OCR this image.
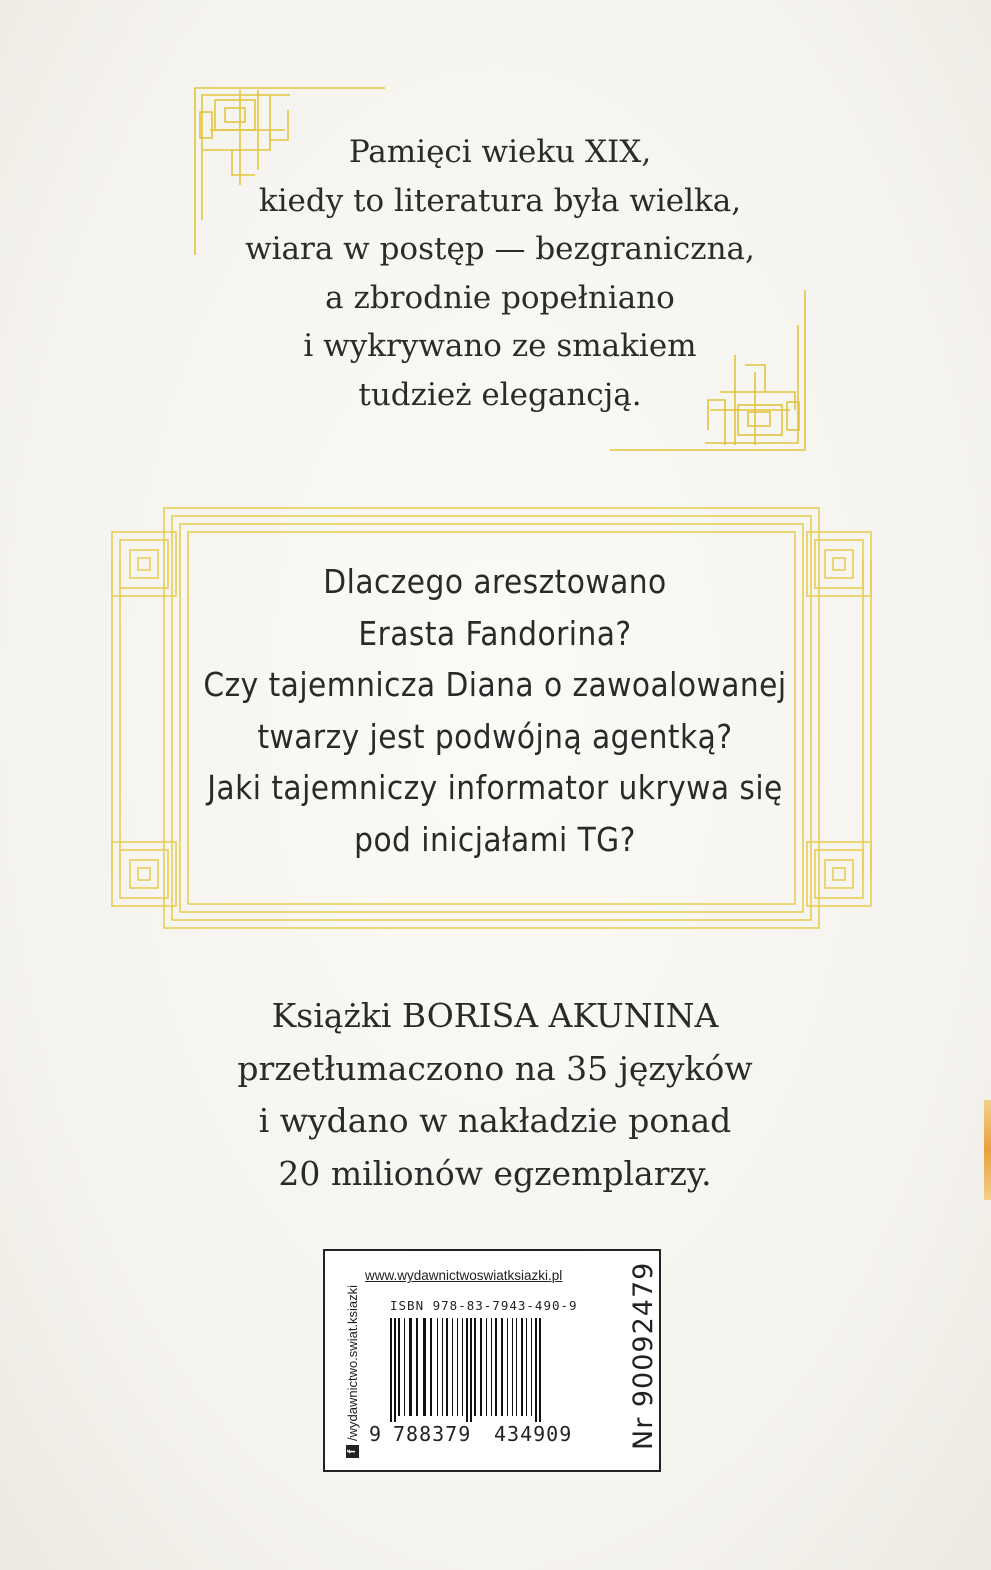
Pamięci wieku XIX,
kiedy to literatura była wielka,
wiara w postęp — bezgraniczna,
a zbrodnie popełniano
i wykrywano ze smakiem
tudzież elegancją.
Dlaczego aresztowano
Erasta Fandorina?
Czy tajemnicza Diana o zawoalowanej
twarzy jest podwójną agentką?
Jaki tajemniczy informator ukrywa się
pod inicjałami TG?
Książki BORISA AKUNINA
przetłumaczono na 35 języków
i wydano w nakładzie ponad
20 milionów egzemplarzy.
f
/wydawnictwo.swiat.ksiazki
www.wydawnictwoswiatksiazki.pl
ISBN 978-83-7943-490-9
9 788379 434909 Nr 90092479
